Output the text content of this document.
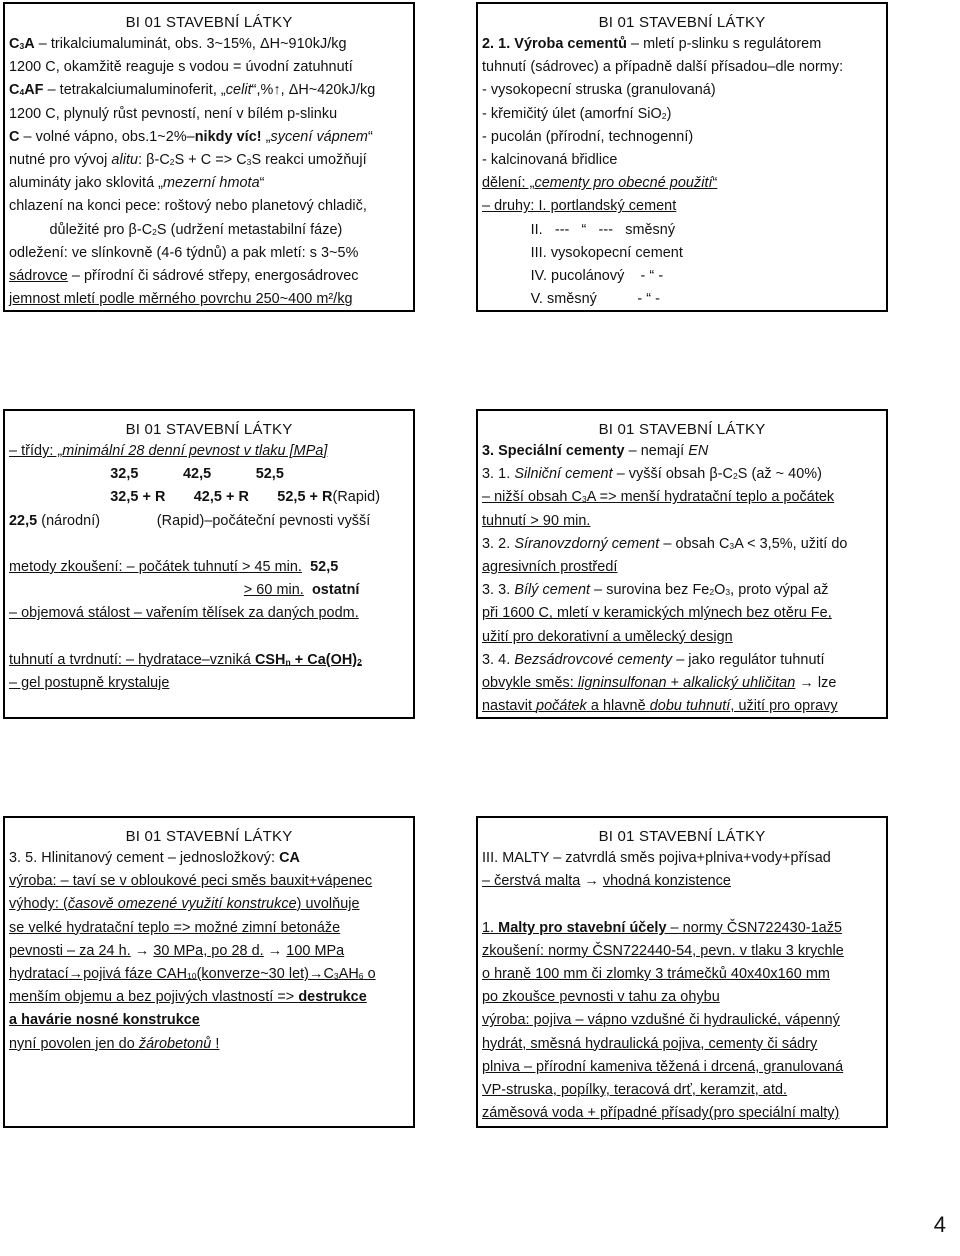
BI 01 STAVEBNÍ LÁTKY
$C_3A$ – trikalciumaluminát, obs. 3~15%, ΔH~910kJ/kg
1200 C, okamžitě reaguje s vodou = úvodní zatuhnutí
$C_4AF$ – tetrakalciumaluminoferit, „celit“,%↑, ΔH~420kJ/kg
1200 C, plynulý růst pevností, není v bílém p-slinku
C – volné vápno, obs.1~2%–nikdy víc! „sycení vápnem“
nutné pro vývoj alitu: $\beta-C_2S + C => C_3S$ reakci umožňují
alumináty jako sklovitá „mezerní hmota“
chlazení na konci pece: roštový nebo planetový chladič,
důležité pro $\beta-C_2S$ (udržení metastabilní fáze)
odležení: ve slínkovně (4-6 týdnů) a pak mletí: s 3~5%
sádrovce – přírodní či sádrové střepy, energosádrovec
jemnost mletí podle měrného povrchu 250~400 m²/kg
BI 01 STAVEBNÍ LÁTKY
2. 1. Výroba cementů – mletí p-slinku s regulátorem
tuhnutí (sádrovec) a případně další přísadou–dle normy:
- vysokopecní struska (granulovaná)
- křemičitý úlet (amorfní SiO$_2$)
- pucolán (přírodní, technogenní)
- kalcinovaná břidlice
dělení: „cementy pro obecné použití“
– druhy: I. portlandský cement
II.   ---   “   ---   směsný
III. vysokopecní cement
IV. pucolánový    - “ -
V. směsný          - “ -
BI 01 STAVEBNÍ LÁTKY
– třídy: „minimální 28 denní pevnost v tlaku [MPa]
32,5           42,5           52,5
32,5 + R       42,5 + R       52,5 + R(Rapid)
22,5 (národní)              (Rapid)–počáteční pevnosti vyšší
metody zkoušení: – počátek tuhnutí > 45 min. 52,5
> 60 min. ostatní
– objemová stálost – vařením tělísek za daných podm.
tuhnutí a tvrdnutí: – hydratace–vzniká $CSH_n + Ca(OH)_2$
– gel postupně krystaluje
BI 01 STAVEBNÍ LÁTKY
3. Speciální cementy – nemají EN
3. 1. Silniční cement – vyšší obsah $\beta-C_2S$ (až ~ 40%)
– nižší obsah $C_3A$ => menší hydratační teplo a počátek
tuhnutí > 90 min.
3. 2. Síranovzdorný cement – obsah $C_3A < 3,5\%$, užití do
agresivních prostředí
3. 3. Bílý cement – surovina bez $Fe_2O_3$, proto výpal až
při 1600 C, mletí v keramických mlýnech bez otěru Fe,
užití pro dekorativní a umělecký design
3. 4. Bezsádrovcové cementy – jako regulátor tuhnutí
obvykle směs: ligninsulfonan + alkalický uhličitan → lze
nastavit počátek a hlavně dobu tuhnutí, užití pro opravy
BI 01 STAVEBNÍ LÁTKY
3. 5. Hlinitanový cement – jednosložkový: CA
výroba: – taví se v obloukové peci směs bauxit+vápenec
výhody: (časově omezené využití konstrukce) uvolňuje
se velké hydratační teplo => možné zimní betonáže
pevnosti – za 24 h. → 30 MPa, po 28 d. → 100 MPa
hydratací→pojivá fáze $CAH_{10}(konverze\sim 30$ $let)\to C_3AH_6$ o
menším objemu a bez pojivých vlastností => destrukce
a havárie nosné konstrukce
nyní povolen jen do žárobetonů !
BI 01 STAVEBNÍ LÁTKY
III. MALTY – zatvrdlá směs pojiva+plniva+vody+přísad
– čerstvá malta → vhodná konzistence
1. Malty pro stavební účely – normy ČSN722430-1až5
zkoušení: normy ČSN722440-54, pevn. v tlaku 3 krychle
o hraně 100 mm či zlomky 3 trámečků 40x40x160 mm
po zkoušce pevnosti v tahu za ohybu
výroba: pojiva – vápno vzdušné či hydraulické, vápenný
hydrát, směsná hydraulická pojiva, cementy či sádry
plniva – přírodní kameniva těžená i drcená, granulovaná
VP-struska, popílky, teracová drť, keramzit, atd.
záměsová voda + případné přísady(pro speciální malty)
4
